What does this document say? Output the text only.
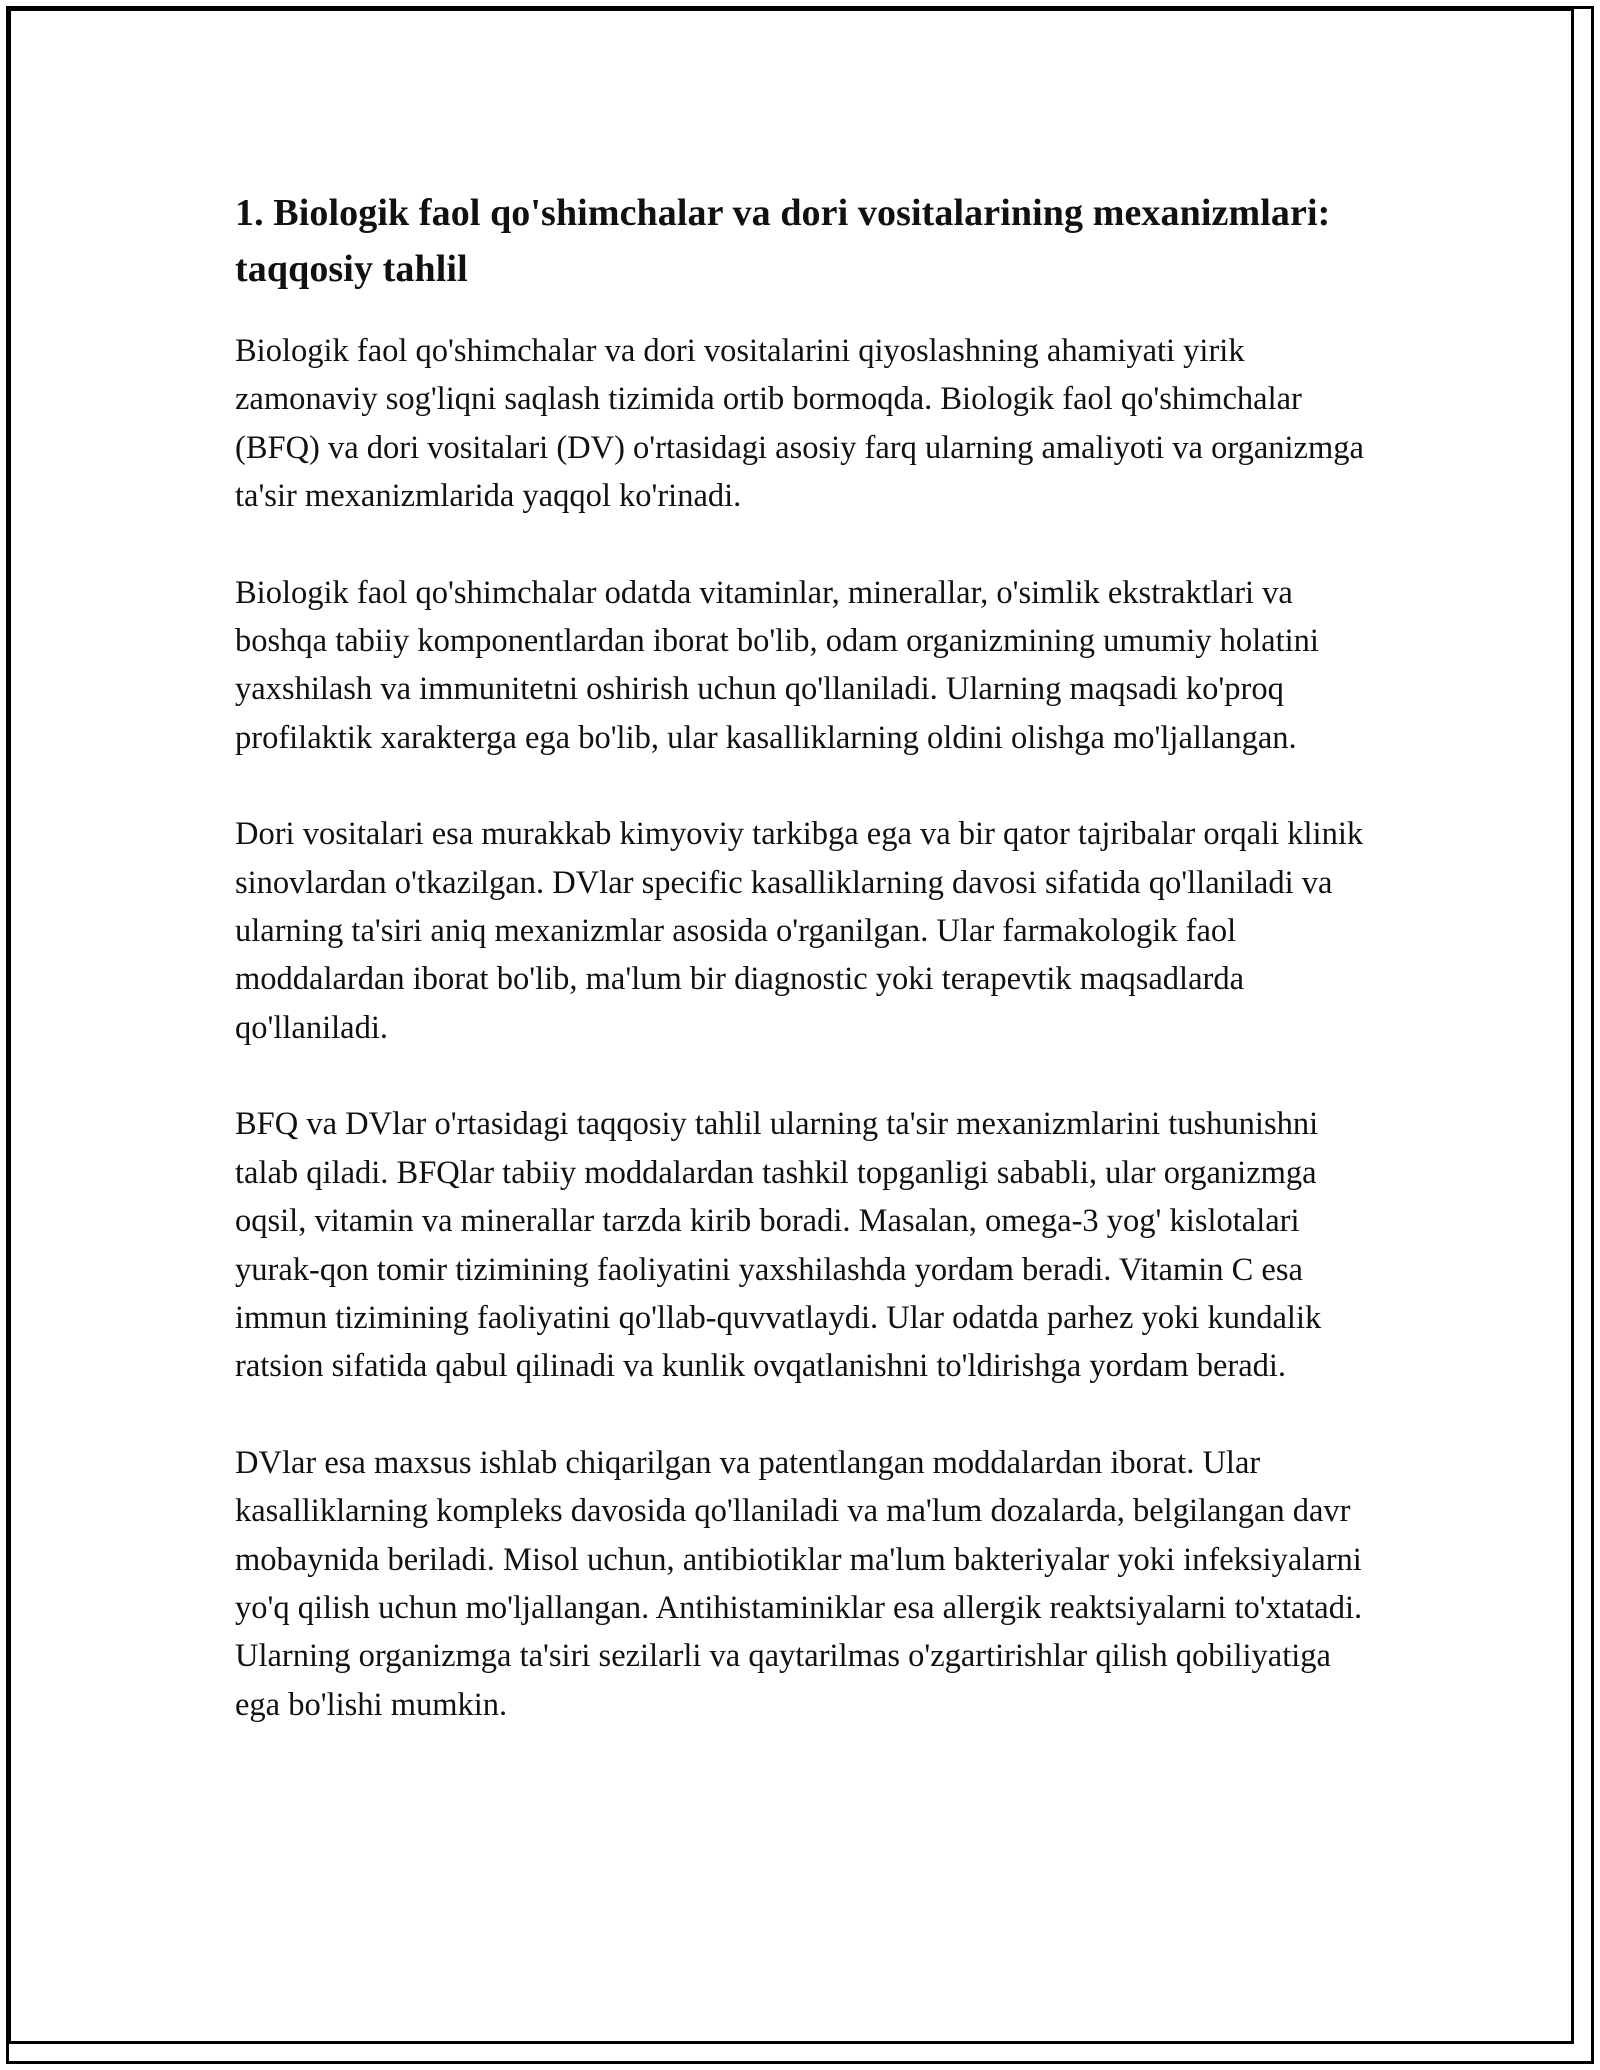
1. Biologik faol qo'shimchalar va dori vositalarining mexanizmlari: taqqosiy tahlil

Biologik faol qo'shimchalar va dori vositalarini qiyoslashning ahamiyati yirik zamonaviy sog'liqni saqlash tizimida ortib bormoqda. Biologik faol qo'shimchalar (BFQ) va dori vositalari (DV) o'rtasidagi asosiy farq ularning amaliyoti va organizmga ta'sir mexanizmlarida yaqqol ko'rinadi.

Biologik faol qo'shimchalar odatda vitaminlar, minerallar, o'simlik ekstraktlari va boshqa tabiiy komponentlardan iborat bo'lib, odam organizmining umumiy holatini yaxshilash va immunitetni oshirish uchun qo'llaniladi. Ularning maqsadi ko'proq profilaktik xarakterga ega bo'lib, ular kasalliklarning oldini olishga mo'ljallangan.

Dori vositalari esa murakkab kimyoviy tarkibga ega va bir qator tajribalar orqali klinik sinovlardan o'tkazilgan. DVlar specific kasalliklarning davosi sifatida qo'llaniladi va ularning ta'siri aniq mexanizmlar asosida o'rganilgan. Ular farmakologik faol moddalardan iborat bo'lib, ma'lum bir diagnostic yoki terapevtik maqsadlarda qo'llaniladi.

BFQ va DVlar o'rtasidagi taqqosiy tahlil ularning ta'sir mexanizmlarini tushunishni talab qiladi. BFQlar tabiiy moddalardan tashkil topganligi sababli, ular organizmga oqsil, vitamin va minerallar tarzda kirib boradi. Masalan, omega-3 yog' kislotalari yurak-qon tomir tizimining faoliyatini yaxshilashda yordam beradi. Vitamin C esa immun tizimining faoliyatini qo'llab-quvvatlaydi. Ular odatda parhez yoki kundalik ratsion sifatida qabul qilinadi va kunlik ovqatlanishni to'ldirishga yordam beradi.

DVlar esa maxsus ishlab chiqarilgan va patentlangan moddalardan iborat. Ular kasalliklarning kompleks davosida qo'llaniladi va ma'lum dozalarda, belgilangan davr mobaynida beriladi. Misol uchun, antibiotiklar ma'lum bakteriyalar yoki infeksiyalarni yo'q qilish uchun mo'ljallangan. Antihistaminiklar esa allergik reaktsiyalarni to'xtatadi. Ularning organizmga ta'siri sezilarli va qaytarilmas o'zgartirishlar qilish qobiliyatiga ega bo'lishi mumkin.
